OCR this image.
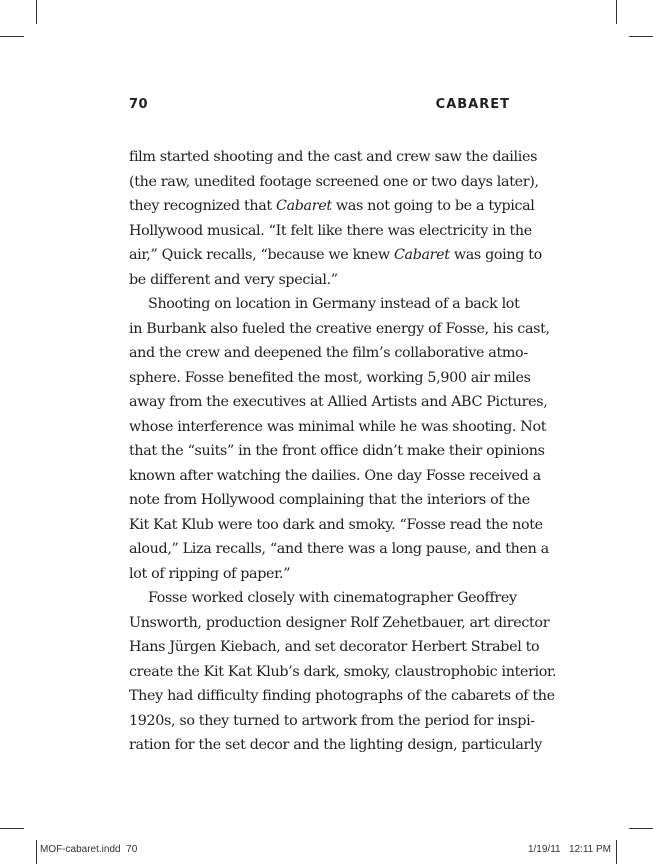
70	CABARET
film started shooting and the cast and crew saw the dailies
(the raw, unedited footage screened one or two days later),
they recognized that Cabaret was not going to be a typical
Hollywood musical. “It felt like there was electricity in the
air,” Quick recalls, “because we knew Cabaret was going to
be different and very special.”
Shooting on location in Germany instead of a back lot
in Burbank also fueled the creative energy of Fosse, his cast,
and the crew and deepened the film’s collaborative atmo-
sphere. Fosse benefited the most, working 5,900 air miles
away from the executives at Allied Artists and ABC Pictures,
whose interference was minimal while he was shooting. Not
that the “suits” in the front office didn’t make their opinions
known after watching the dailies. One day Fosse received a
note from Hollywood complaining that the interiors of the
Kit Kat Klub were too dark and smoky. “Fosse read the note
aloud,” Liza recalls, “and there was a long pause, and then a
lot of ripping of paper.”
Fosse worked closely with cinematographer Geoffrey
Unsworth, production designer Rolf Zehetbauer, art director
Hans Jürgen Kiebach, and set decorator Herbert Strabel to
create the Kit Kat Klub’s dark, smoky, claustrophobic interior.
They had difficulty finding photographs of the cabarets of the
1920s, so they turned to artwork from the period for inspi-
ration for the set decor and the lighting design, particularly
MOF-cabaret.indd 70	1/19/11 12:11 PM
